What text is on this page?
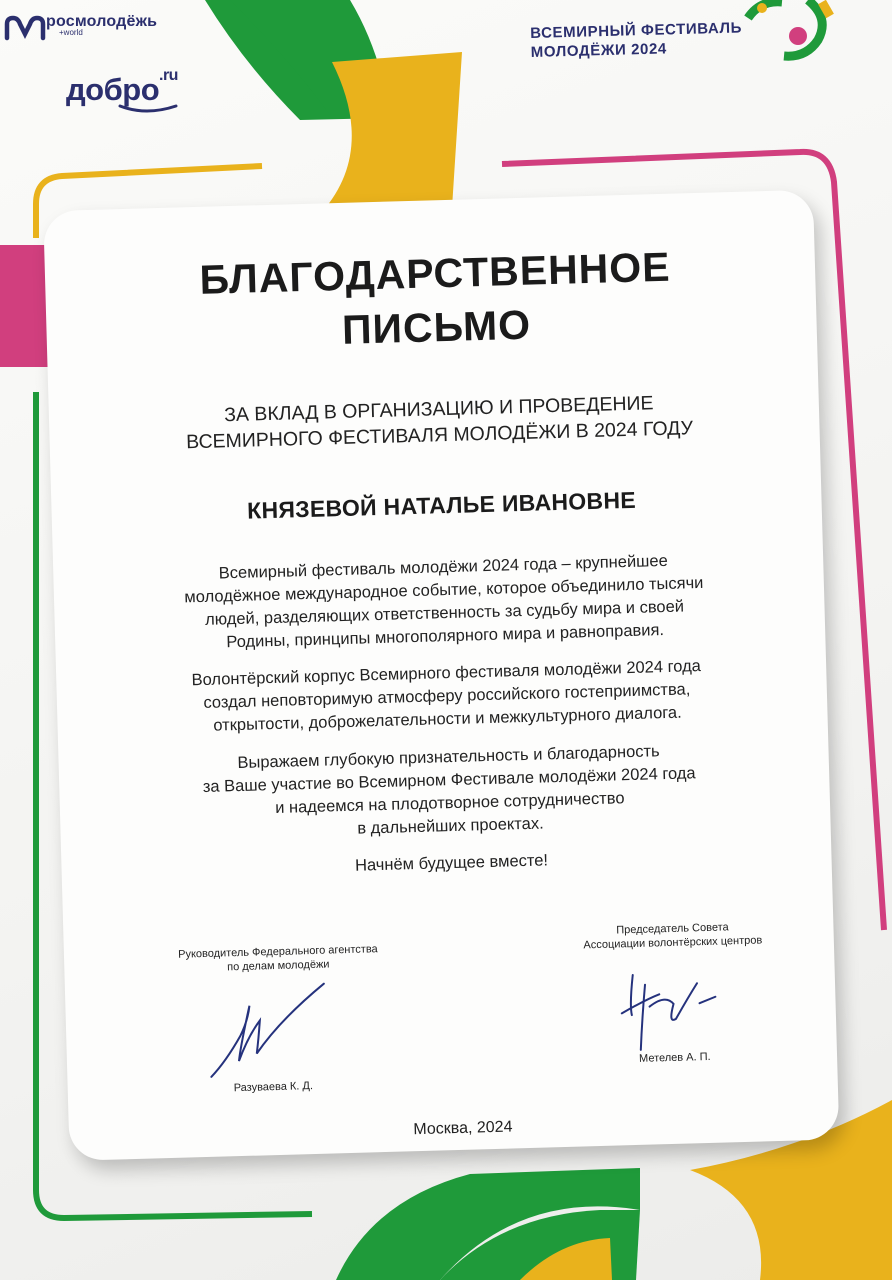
росмолодёжь
+world
добро .ru
ВСЕМИРНЫЙ ФЕСТИВАЛЬ
МОЛОДЁЖИ 2024
БЛАГОДАРСТВЕННОЕ
ПИСЬМО
ЗА ВКЛАД В ОРГАНИЗАЦИЮ И ПРОВЕДЕНИЕ
ВСЕМИРНОГО ФЕСТИВАЛЯ МОЛОДЁЖИ В 2024 ГОДУ
КНЯЗЕВОЙ НАТАЛЬЕ ИВАНОВНЕ
Всемирный фестиваль молодёжи 2024 года – крупнейшее
молодёжное международное событие, которое объединило тысячи
людей, разделяющих ответственность за судьбу мира и своей
Родины, принципы многополярного мира и равноправия.
Волонтёрский корпус Всемирного фестиваля молодёжи 2024 года
создал неповторимую атмосферу российского гостеприимства,
открытости, доброжелательности и межкультурного диалога.
Выражаем глубокую признательность и благодарность
за Ваше участие во Всемирном Фестивале молодёжи 2024 года
и надеемся на плодотворное сотрудничество
в дальнейших проектах.
Начнём будущее вместе!
Руководитель Федерального агентства
по делам молодёжи
Разуваева К. Д.
Председатель Совета
Ассоциации волонтёрских центров
Метелев А. П.
Москва, 2024
